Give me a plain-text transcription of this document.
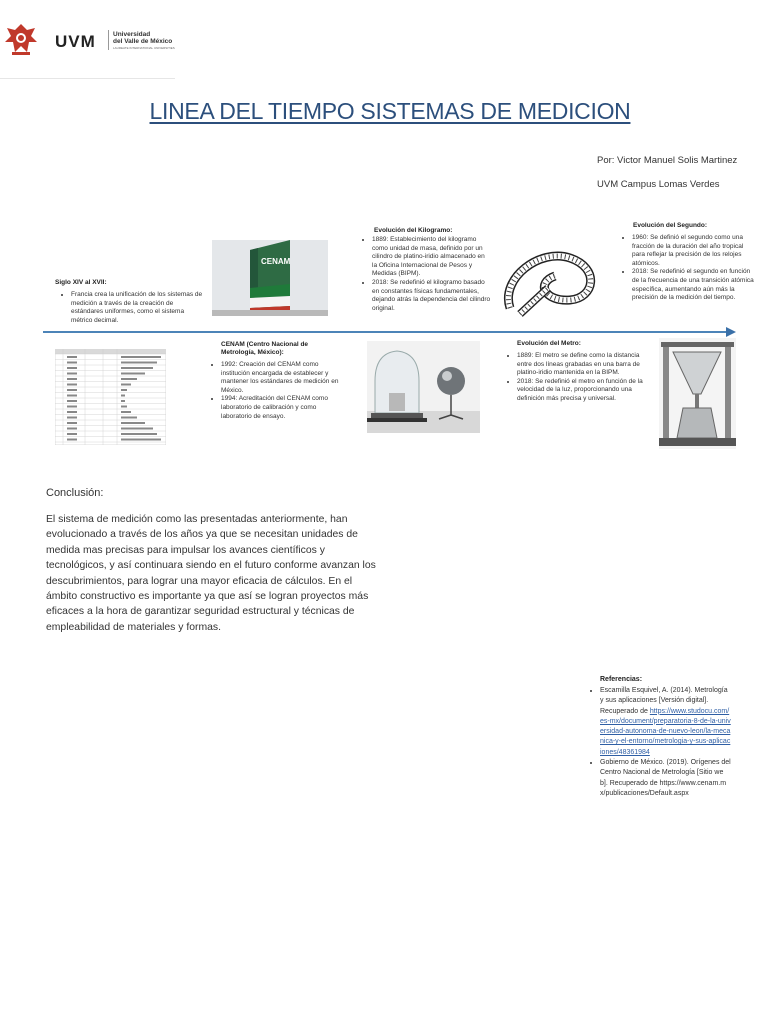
UVM	Universidad
del Valle de México
LAUREATE INTERNATIONAL UNIVERSITIES
LINEA DEL TIEMPO SISTEMAS DE MEDICION
Por: Victor Manuel Solis Martinez
UVM Campus Lomas Verdes
Siglo XIV al XVII:
• Francia crea la unificación de los sistemas de medición a través de la creación de estándares uniformes, como el sistema métrico decimal.
CENAM
Evolución del Kilogramo:
• 1889: Establecimiento del kilogramo como unidad de masa, definido por un cilindro de platino-iridio almacenado en la Oficina Internacional de Pesos y Medidas (BIPM).
• 2018: Se redefinió el kilogramo basado en constantes físicas fundamentales, dejando atrás la dependencia del cilindro original.
Evolución del Segundo:
• 1960: Se definió el segundo como una fracción de la duración del año tropical para reflejar la precisión de los relojes atómicos.
• 2018: Se redefinió el segundo en función de la frecuencia de una transición atómica específica, aumentando aún más la precisión de la medición del tiempo.
CENAM (Centro Nacional de
Metrología, México):
• 1992: Creación del CENAM como institución encargada de establecer y mantener los estándares de medición en México.
• 1994: Acreditación del CENAM como laboratorio de calibración y como laboratorio de ensayo.
Evolución del Metro:
• 1889: El metro se define como la distancia entre dos líneas grabadas en una barra de platino-iridio mantenida en la BIPM.
• 2018: Se redefinió el metro en función de la velocidad de la luz, proporcionando una definición más precisa y universal.
Conclusión:
El sistema de medición como las presentadas anteriormente, han evolucionado a través de los años ya que se necesitan unidades de medida mas precisas para impulsar los avances científicos y tecnológicos, y así continuara siendo en el futuro conforme avanzan los descubrimientos, para lograr una mayor eficacia de cálculos. En el ámbito constructivo es importante ya que así se logran proyectos más eficaces a la hora de garantizar seguridad estructural y técnicas de empleabilidad de materiales y formas.
Referencias:
• Escamilla Esquivel, A. (2014). Metrología y sus aplicaciones [Versión digital]. Recuperado de https://www.studocu.com/es-mx/document/preparatoria-8-de-la-universidad-autonoma-de-nuevo-leon/la-mecanica-y-el-entorno/metrologia-y-sus-aplicaciones/48361984
• Gobierno de México. (2019). Orígenes del Centro Nacional de Metrología [Sitio web]. Recuperado de https://www.cenam.mx/publicaciones/Default.aspx
